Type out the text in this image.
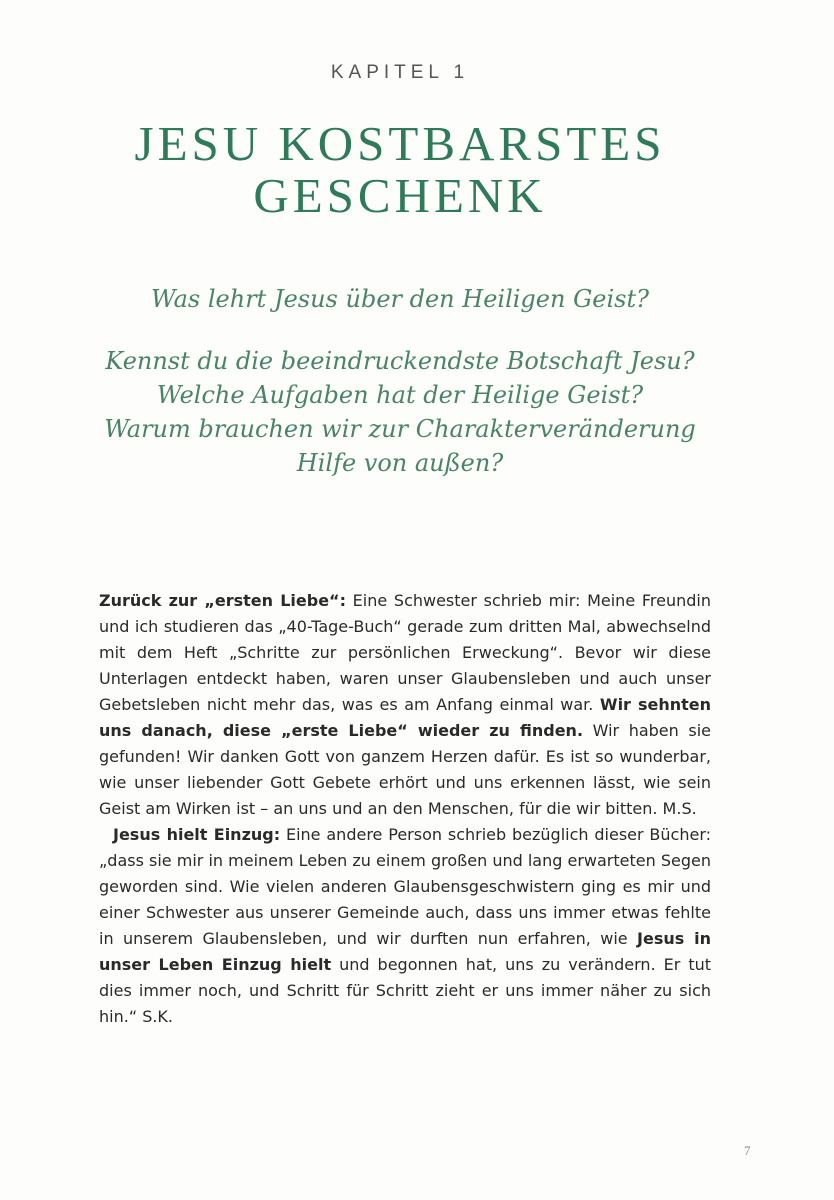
KAPITEL 1
JESU KOSTBARSTES
GESCHENK
Was lehrt Jesus über den Heiligen Geist?
Kennst du die beeindruckendste Botschaft Jesu?
Welche Aufgaben hat der Heilige Geist?
Warum brauchen wir zur Charakterveränderung
Hilfe von außen?

Zurück zur „ersten Liebe“: Eine Schwester schrieb mir: Meine Freundin und ich studieren das „40-Tage-Buch“ gerade zum dritten Mal, abwechselnd mit dem Heft „Schritte zur persönlichen Erweckung“. Bevor wir diese Unterlagen entdeckt haben, waren unser Glaubensleben und auch unser Gebetsleben nicht mehr das, was es am Anfang einmal war. Wir sehnten uns danach, diese „erste Liebe“ wieder zu finden. Wir haben sie gefunden! Wir danken Gott von ganzem Herzen dafür. Es ist so wunderbar, wie unser liebender Gott Gebete erhört und uns erkennen lässt, wie sein Geist am Wirken ist – an uns und an den Menschen, für die wir bitten. M.S.

Jesus hielt Einzug: Eine andere Person schrieb bezüglich dieser Bücher: „dass sie mir in meinem Leben zu einem großen und lang erwarteten Segen geworden sind. Wie vielen anderen Glaubensgeschwistern ging es mir und einer Schwester aus unserer Gemeinde auch, dass uns immer etwas fehlte in unserem Glaubensleben, und wir durften nun erfahren, wie Jesus in unser Leben Einzug hielt und begonnen hat, uns zu verändern. Er tut dies immer noch, und Schritt für Schritt zieht er uns immer näher zu sich hin.“ S.K.

7
